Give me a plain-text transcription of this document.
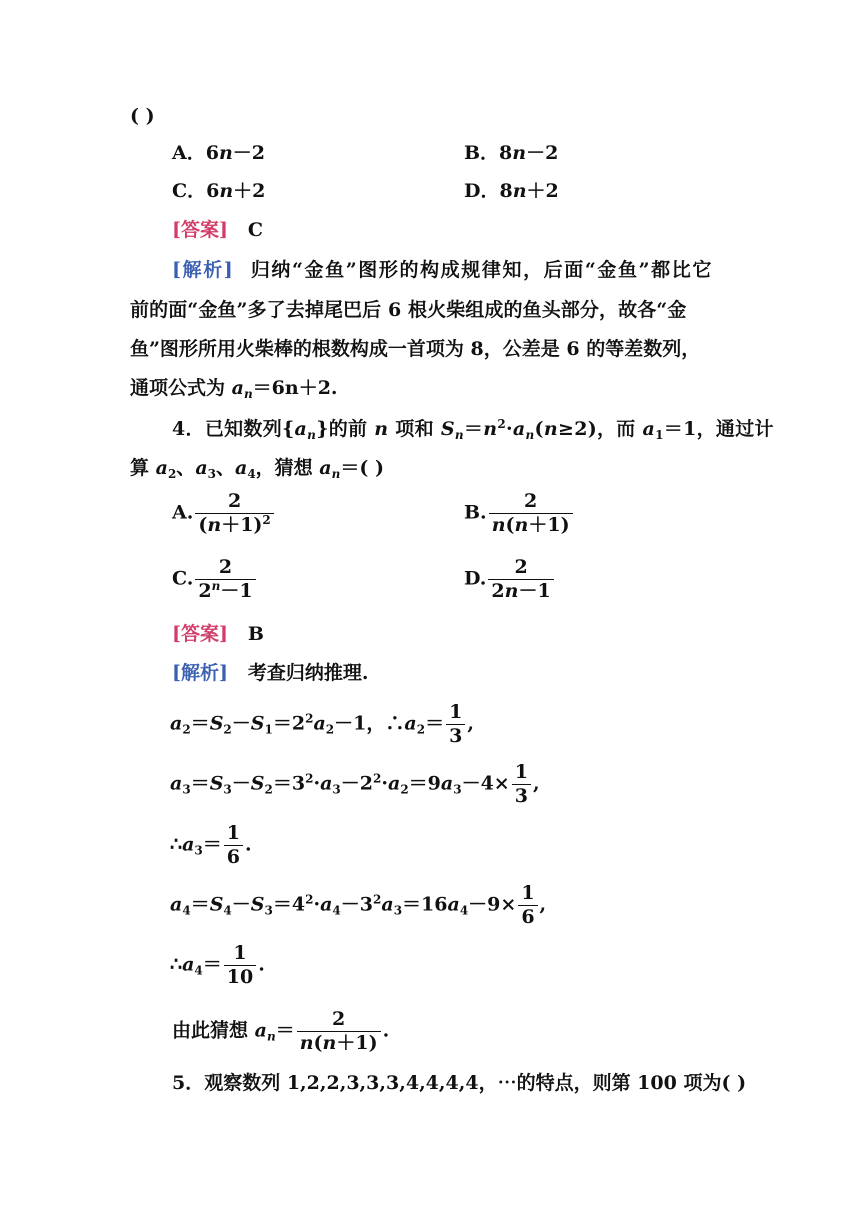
( )
A．6n－2	B．8n－2
C．6n＋2	D．8n＋2
[答案] C
[解析] 归纳“金鱼”图形的构成规律知，后面“金鱼”都比它
前的面“金鱼”多了去掉尾巴后 6 根火柴组成的鱼头部分，故各“金
鱼”图形所用火柴棒的根数构成一首项为 8，公差是 6 的等差数列，
通项公式为 $a_n=6n+2$.
4．已知数列$\{a_n\}$的前 n 项和 $S_n=n^2\cdot a_n(n\ge 2)$，而 $a_1=1$，通过计
算 $a_2$、$a_3$、$a_4$，猜想 $a_n=$( )
A. $\frac{2}{(n+1)^2}$	B. $\frac{2}{n(n+1)}$
C. $\frac{2}{2^n-1}$	D. $\frac{2}{2n-1}$
[答案] B
[解析] 考查归纳推理.
$a_2=S_2-S_1=2^2a_2-1$，$\therefore a_2= \frac{1}{3}$ ,
$a_3=S_3-S_2=3^2\cdot a_3-2^2\cdot a_2=9a_3-4\times \frac{1}{3}$ ,
$\therefore a_3= \frac{1}{6}$ .
$a_4=S_4-S_3=4^2\cdot a_4-3^2a_3=16a_4-9\times \frac{1}{6}$ ,
$\therefore a_4= \frac{1}{10}$ .
由此猜想 $a_n= \frac{2}{n(n+1)}$ .
5．观察数列 1,2,2,3,3,3,4,4,4,4，⋯的特点，则第 100 项为( )
